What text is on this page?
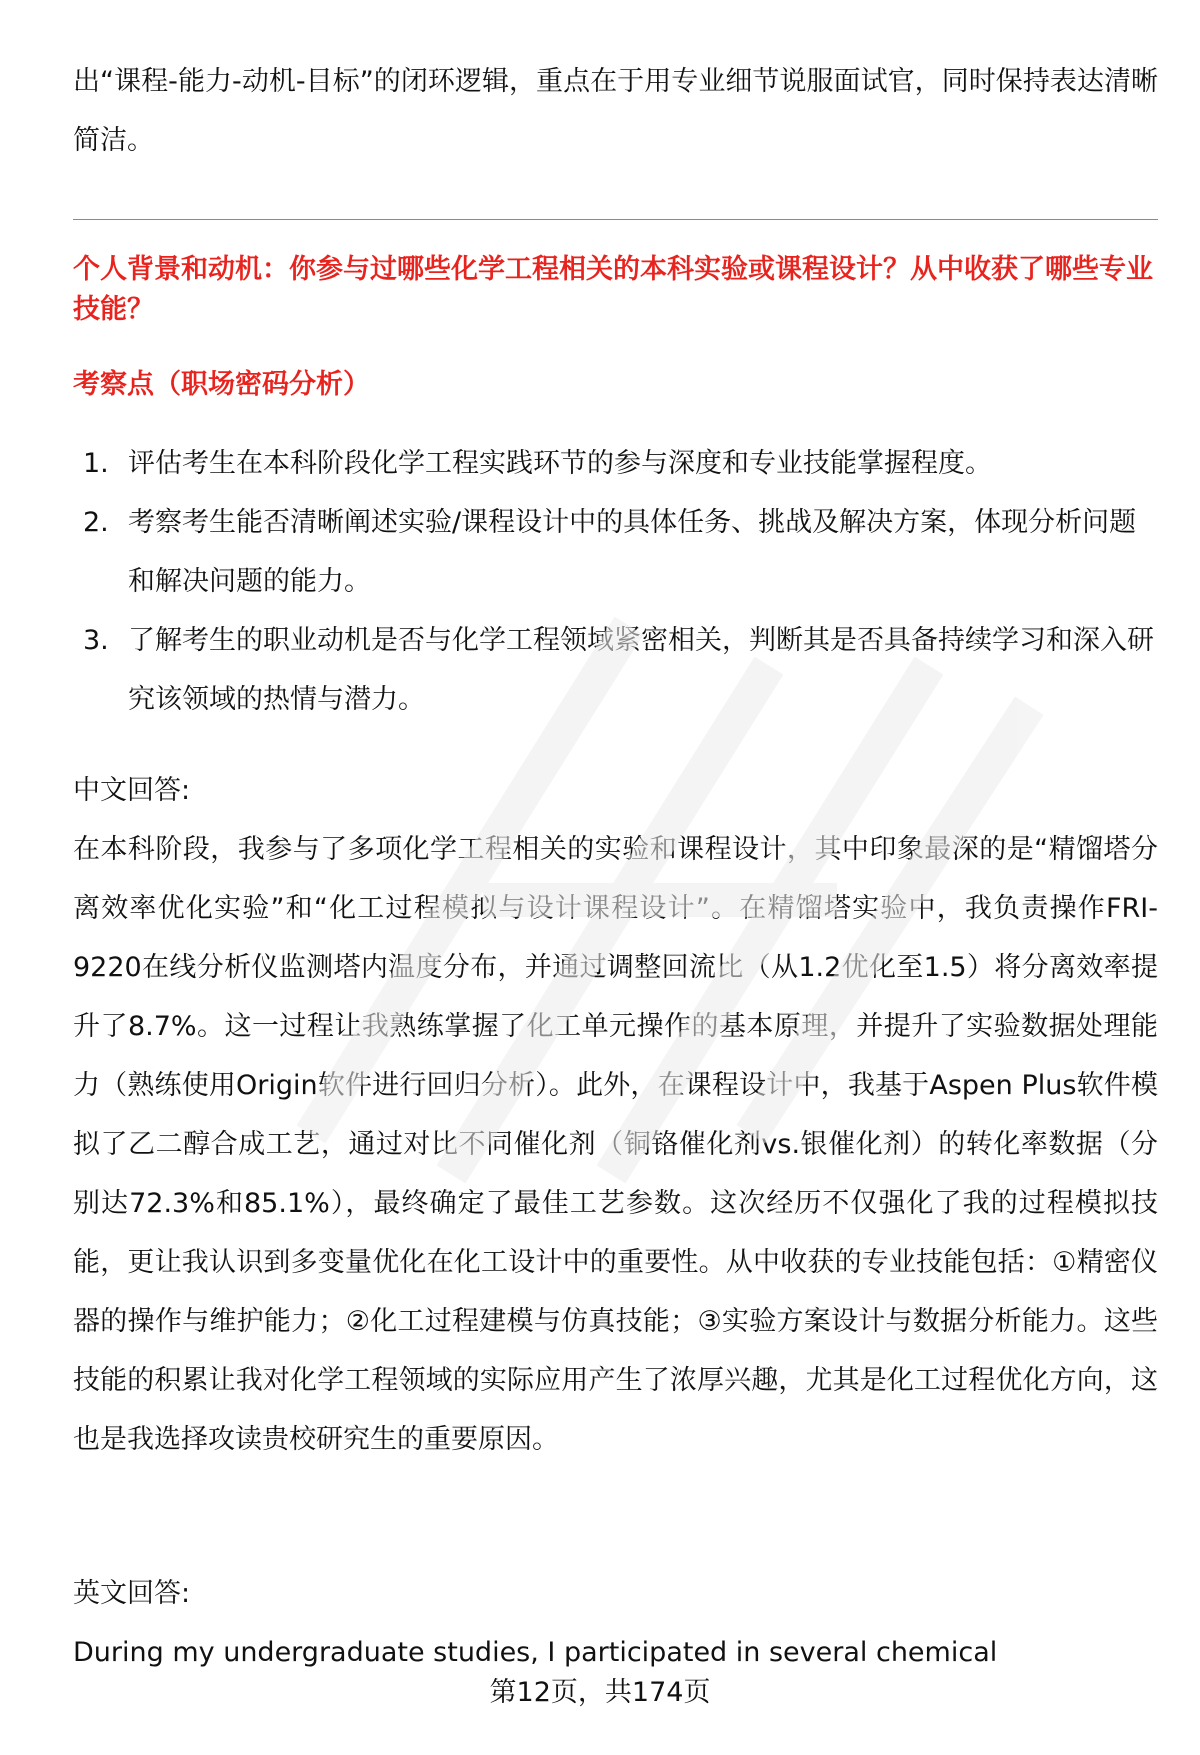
出“课程-能力-动机-目标”的闭环逻辑，重点在于用专业细节说服面试官，同时保持表达清晰简洁。

个人背景和动机：你参与过哪些化学工程相关的本科实验或课程设计？从中收获了哪些专业技能？

考察点（职场密码分析）

1. 评估考生在本科阶段化学工程实践环节的参与深度和专业技能掌握程度。
2. 考察考生能否清晰阐述实验/课程设计中的具体任务、挑战及解决方案，体现分析问题和解决问题的能力。
3. 了解考生的职业动机是否与化学工程领域紧密相关，判断其是否具备持续学习和深入研究该领域的热情与潜力。

中文回答:

在本科阶段，我参与了多项化学工程相关的实验和课程设计，其中印象最深的是“精馏塔分离效率优化实验”和“化工过程模拟与设计课程设计”。在精馏塔实验中，我负责操作FRI-9220在线分析仪监测塔内温度分布，并通过调整回流比（从1.2优化至1.5）将分离效率提升了8.7%。这一过程让我熟练掌握了化工单元操作的基本原理，并提升了实验数据处理能力（熟练使用Origin软件进行回归分析）。此外，在课程设计中，我基于Aspen Plus软件模拟了乙二醇合成工艺，通过对比不同催化剂（铜铬催化剂vs.银催化剂）的转化率数据（分别达72.3%和85.1%），最终确定了最佳工艺参数。这次经历不仅强化了我的过程模拟技能，更让我认识到多变量优化在化工设计中的重要性。从中收获的专业技能包括：①精密仪器的操作与维护能力；②化工过程建模与仿真技能；③实验方案设计与数据分析能力。这些技能的积累让我对化学工程领域的实际应用产生了浓厚兴趣，尤其是化工过程优化方向，这也是我选择攻读贵校研究生的重要原因。

英文回答:

During my undergraduate studies, I participated in several chemical

第12页，共174页
